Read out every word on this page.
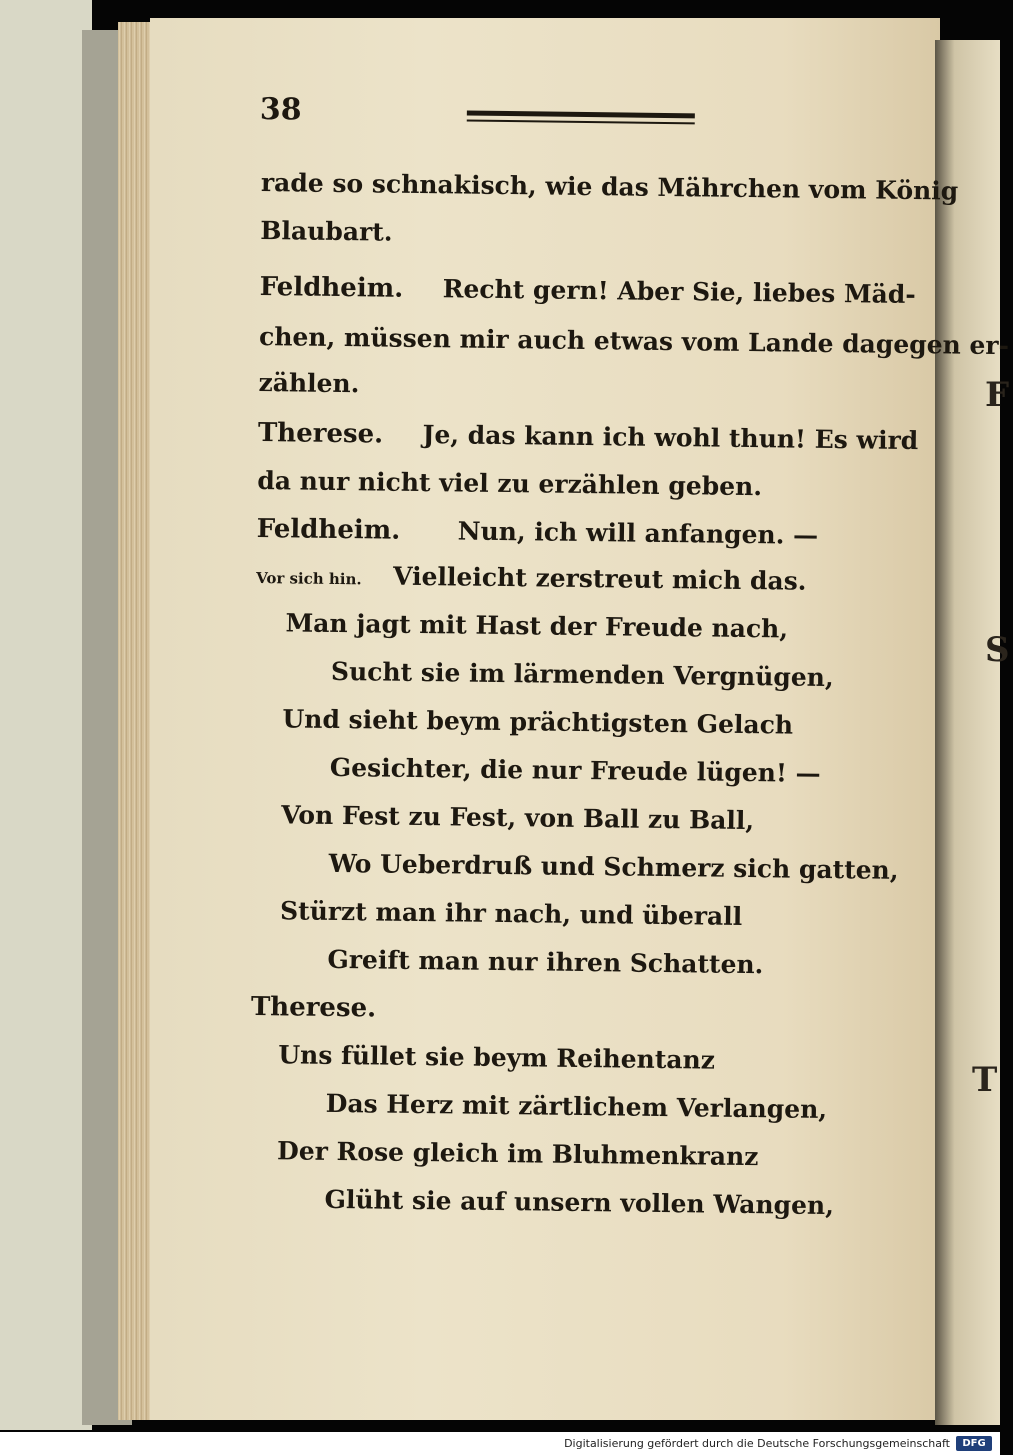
F
S
T
38
rade so schnakisch, wie das Mährchen vom König
Blaubart.
Feldheim. Recht gern! Aber Sie, liebes Mäd-
chen, müssen mir auch etwas vom Lande dagegen er-
zählen.
Therese. Je, das kann ich wohl thun! Es wird
da nur nicht viel zu erzählen geben.
Feldheim. Nun, ich will anfangen. —
Vor sich hin. Vielleicht zerstreut mich das.
Man jagt mit Hast der Freude nach,
Sucht sie im lärmenden Vergnügen,
Und sieht beym prächtigsten Gelach
Gesichter, die nur Freude lügen! —
Von Fest zu Fest, von Ball zu Ball,
Wo Ueberdruß und Schmerz sich gatten,
Stürzt man ihr nach, und überall
Greift man nur ihren Schatten.
Therese.
Uns füllet sie beym Reihentanz
Das Herz mit zärtlichem Verlangen,
Der Rose gleich im Bluhmenkranz
Glüht sie auf unsern vollen Wangen,
Digitalisierung gefördert durch die Deutsche Forschungsgemeinschaft	DFG
